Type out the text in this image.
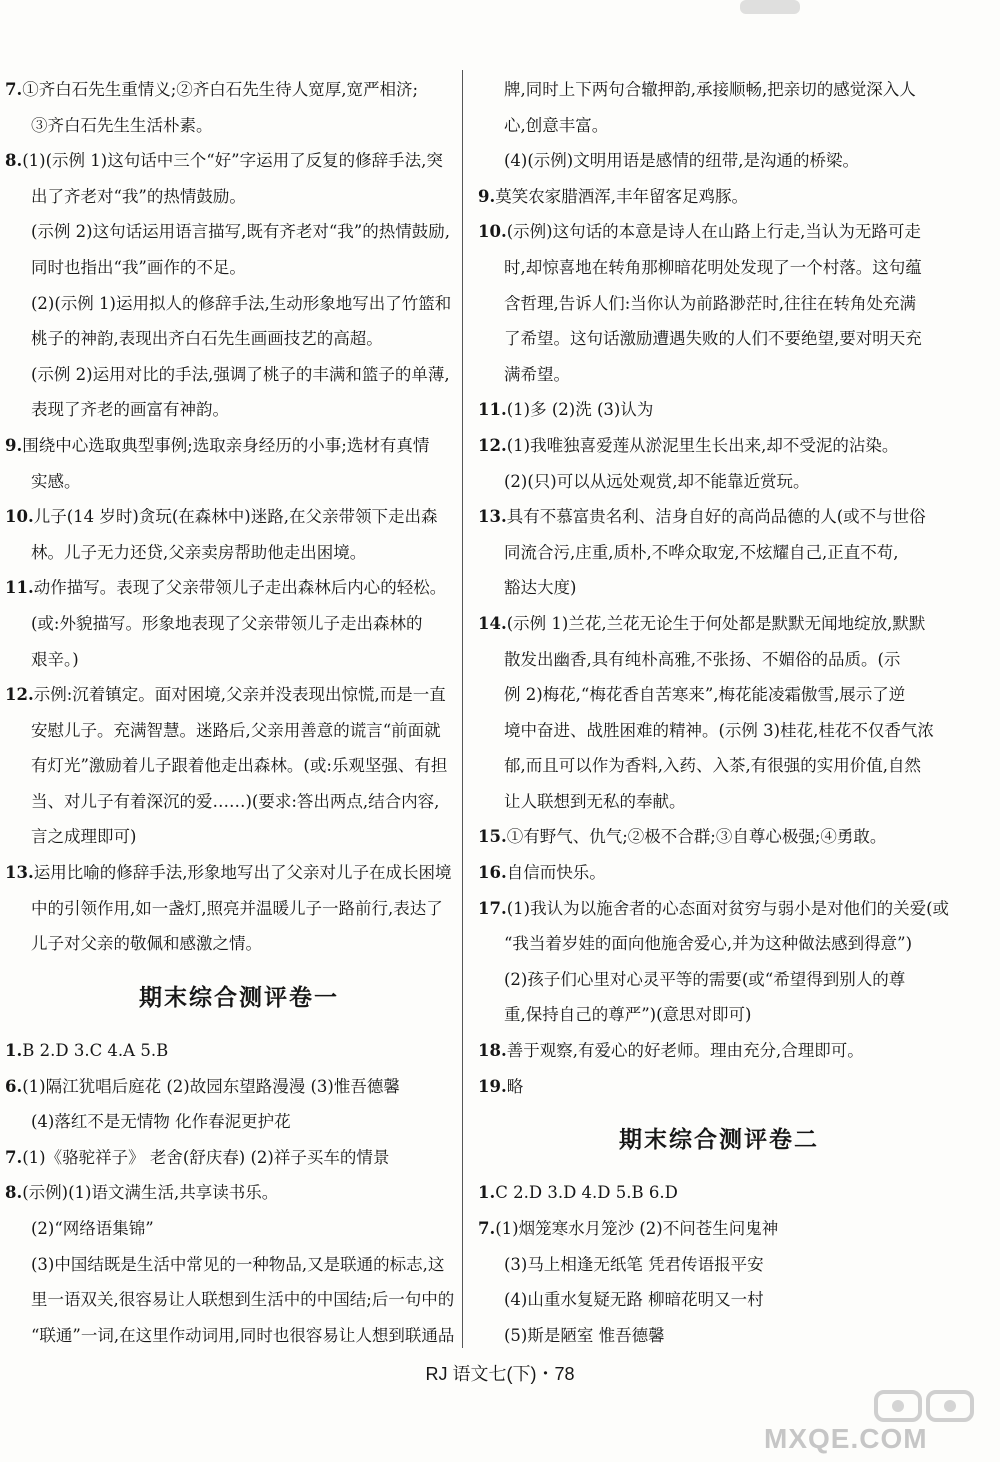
7.①齐白石先生重情义;②齐白石先生待人宽厚,宽严相济;
③齐白石先生生活朴素。
8.(1)(示例 1)这句话中三个“好”字运用了反复的修辞手法,突
出了齐老对“我”的热情鼓励。
(示例 2)这句话运用语言描写,既有齐老对“我”的热情鼓励,
同时也指出“我”画作的不足。
(2)(示例 1)运用拟人的修辞手法,生动形象地写出了竹篮和
桃子的神韵,表现出齐白石先生画画技艺的高超。
(示例 2)运用对比的手法,强调了桃子的丰满和篮子的单薄,
表现了齐老的画富有神韵。
9.围绕中心选取典型事例;选取亲身经历的小事;选材有真情
实感。
10.儿子(14 岁时)贪玩(在森林中)迷路,在父亲带领下走出森
林。儿子无力还贷,父亲卖房帮助他走出困境。
11.动作描写。表现了父亲带领儿子走出森林后内心的轻松。
(或:外貌描写。形象地表现了父亲带领儿子走出森林的
艰辛。)
12.示例:沉着镇定。面对困境,父亲并没表现出惊慌,而是一直
安慰儿子。充满智慧。迷路后,父亲用善意的谎言“前面就
有灯光”激励着儿子跟着他走出森林。(或:乐观坚强、有担
当、对儿子有着深沉的爱……)(要求:答出两点,结合内容,
言之成理即可)
13.运用比喻的修辞手法,形象地写出了父亲对儿子在成长困境
中的引领作用,如一盏灯,照亮并温暖儿子一路前行,表达了
儿子对父亲的敬佩和感激之情。
期末综合测评卷一
1.B 2.D 3.C 4.A 5.B
6.(1)隔江犹唱后庭花 (2)故园东望路漫漫 (3)惟吾德馨
(4)落红不是无情物 化作春泥更护花
7.(1)《骆驼祥子》 老舍(舒庆春) (2)祥子买车的情景
8.(示例)(1)语文满生活,共享读书乐。
(2)“网络语集锦”
(3)中国结既是生活中常见的一种物品,又是联通的标志,这
里一语双关,很容易让人联想到生活中的中国结;后一句中的
“联通”一词,在这里作动词用,同时也很容易让人想到联通品
牌,同时上下两句合辙押韵,承接顺畅,把亲切的感觉深入人
心,创意丰富。
(4)(示例)文明用语是感情的纽带,是沟通的桥梁。
9.莫笑农家腊酒浑,丰年留客足鸡豚。
10.(示例)这句话的本意是诗人在山路上行走,当认为无路可走
时,却惊喜地在转角那柳暗花明处发现了一个村落。这句蕴
含哲理,告诉人们:当你认为前路渺茫时,往往在转角处充满
了希望。这句话激励遭遇失败的人们不要绝望,要对明天充
满希望。
11.(1)多 (2)洗 (3)认为
12.(1)我唯独喜爱莲从淤泥里生长出来,却不受泥的沾染。
(2)(只)可以从远处观赏,却不能靠近赏玩。
13.具有不慕富贵名利、洁身自好的高尚品德的人(或不与世俗
同流合污,庄重,质朴,不哗众取宠,不炫耀自己,正直不苟,
豁达大度)
14.(示例 1)兰花,兰花无论生于何处都是默默无闻地绽放,默默
散发出幽香,具有纯朴高雅,不张扬、不媚俗的品质。(示
例 2)梅花,“梅花香自苦寒来”,梅花能凌霜傲雪,展示了逆
境中奋进、战胜困难的精神。(示例 3)桂花,桂花不仅香气浓
郁,而且可以作为香料,入药、入茶,有很强的实用价值,自然
让人联想到无私的奉献。
15.①有野气、仇气;②极不合群;③自尊心极强;④勇敢。
16.自信而快乐。
17.(1)我认为以施舍者的心态面对贫穷与弱小是对他们的关爱(或
“我当着岁娃的面向他施舍爱心,并为这种做法感到得意”)
(2)孩子们心里对心灵平等的需要(或“希望得到别人的尊
重,保持自己的尊严”)(意思对即可)
18.善于观察,有爱心的好老师。理由充分,合理即可。
19.略
期末综合测评卷二
1.C 2.D 3.D 4.D 5.B 6.D
7.(1)烟笼寒水月笼沙 (2)不问苍生问鬼神
(3)马上相逢无纸笔 凭君传语报平安
(4)山重水复疑无路 柳暗花明又一村
(5)斯是陋室 惟吾德馨
RJ 语文七(下)・78
MXQE.COM
